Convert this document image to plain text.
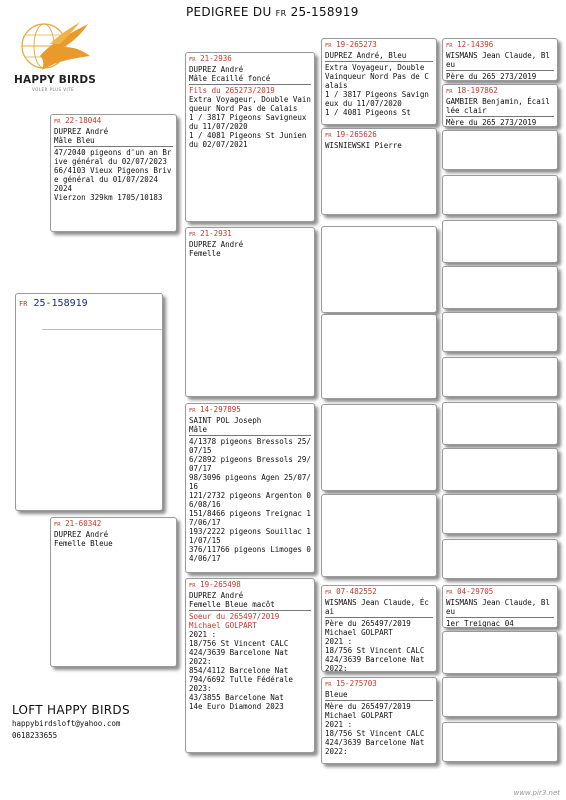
PEDIGREE DU FR 25-158919
HAPPY BIRDS
VOLER PLUS VITE
FR 22-18044
DUPREZ André
Mâle Bleu
47/2040 pigeons d'un an Brive général du 02/07/2023
66/4103 Vieux Pigeons Brive général du 01/07/2024
2024
Vierzon 329km 1705/10183
FR 25-158919
FR 21-60342
DUPREZ André
Femelle Bleue
FR 21-2936
DUPREZ André
Mâle Ecaillé foncé
Fils du 265273/2019
Extra Voyageur, Double Vainqueur Nord Pas de Calais
1 / 3817 Pigeons Savigneux du 11/07/2020
1 / 4081 Pigeons St Junien du 02/07/2021
FR 21-2931
DUPREZ André
Femelle
FR 14-297895
SAINT POL Joseph
Mâle
4/1378 pigeons Bressols 25/07/15
6/2892 pigeons Bressols 29/07/17
98/3096 pigeons Agen 25/07/16
121/2732 pigeons Argenton 06/08/16
151/8466 pigeons Treignac 17/06/17
193/2222 pigeons Souillac 11/07/15
376/11766 pigeons Limoges 04/06/17
FR 19-265498
DUPREZ André
Femelle Bleue macôt
Soeur du 265497/2019
Michael GOLPART
2021 :
18/756 St Vincent CALC
424/3639 Barcelone Nat
2022:
854/4112 Barcelone Nat
794/6692 Tulle Fédérale
2023:
43/3855 Barcelone Nat
14e Euro Diamond 2023
FR 19-265273
DUPREZ André, Bleu
Extra Voyageur, Double Vainqueur Nord Pas de Calais
1 / 3817 Pigeons Savigneux du 11/07/2020
1 / 4081 Pigeons St
FR 19-265626
WISNIEWSKI Pierre
FR 07-482552
WISMANS Jean Claude, Écai
Père du 265497/2019
Michael GOLPART
2021 :
18/756 St Vincent CALC
424/3639 Barcelone Nat
2022:
FR 15-275703
Bleue
Mère du 265497/2019
Michael GOLPART
2021 :
18/756 St Vincent CALC
424/3639 Barcelone Nat
2022:
FR 12-14396
WISMANS Jean Claude, Bleu
Père du 265 273/2019
FR 18-197862
GAMBIER Benjamin, Écaillée clair
Mère du 265 273/2019
FR 04-29705
WISMANS Jean Claude, Bleu
1er Treignac 04
LOFT HAPPY BIRDS
happybirdsloft@yahoo.com
0618233655
www.pir3.net
